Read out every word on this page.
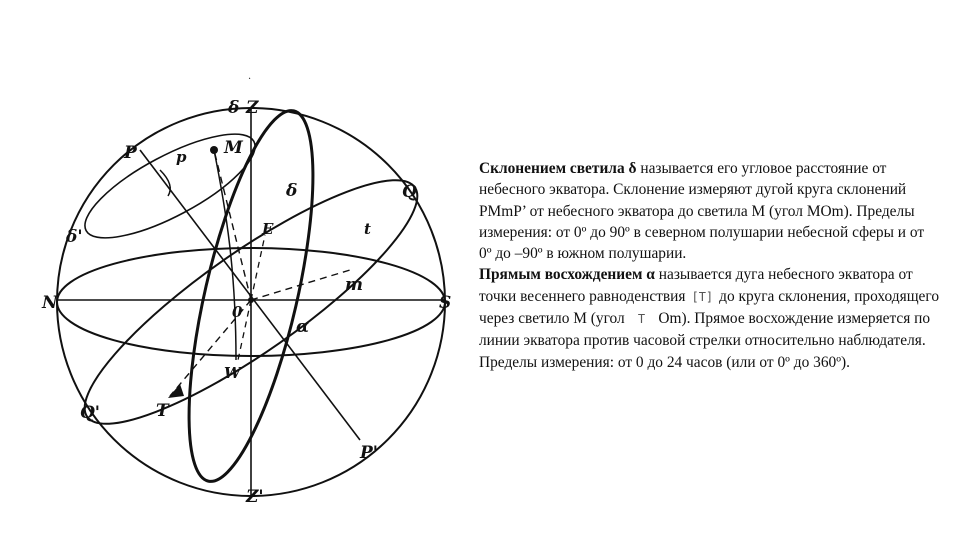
·
δ Z
P	p M
Q
δ'
δ
E	t
N	S
0
m
α
W
Q'	T
P'
Z'

Склонением светила δ называется его угловое расстояние от небесного экватора. Склонение измеряют дугой круга склонений PMmP’ от небесного экватора до светила M (угол MOm). Пределы измерения: от 0º до 90º в северном полушарии небесной сферы и от 0º до –90º в южном полушарии.

Прямым восхождением α называется дуга небесного экватора от точки весеннего равноденствия [T] до круга склонения, проходящего через светило M (угол T Om). Прямое восхождение измеряется по линии экватора против часовой стрелки относительно наблюдателя. Пределы измерения: от 0 до 24 часов (или от 0º до 360º).
